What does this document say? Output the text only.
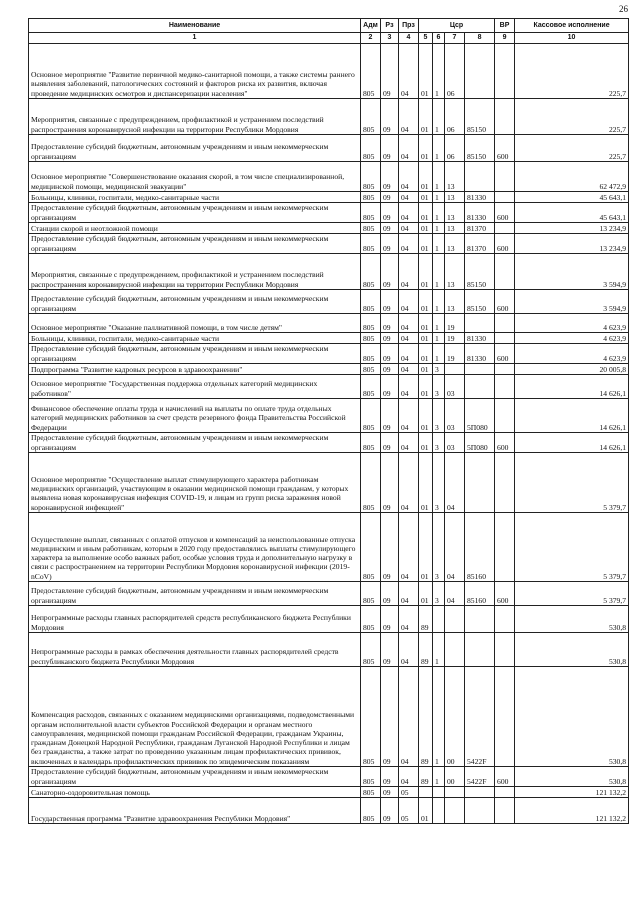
26
Наименование	Адм	Рз	Прз	Цср				ВР	Кассовое исполнение
1	2	3	4	5	6	7	8	9	10
Основное мероприятие "Развитие первичной медико-санитарной помощи, а также системы раннего выявления заболеваний, патологических состояний и факторов риска их развития, включая проведение медицинских осмотров и диспансеризации населения"	805	09	04	01	1	06			225,7
Мероприятия, связанные с предупреждением, профилактикой и устранением последствий распространения коронавирусной инфекции на территории Республики Мордовия	805	09	04	01	1	06	85150		225,7
Предоставление субсидий бюджетным, автономным учреждениям и иным некоммерческим организациям	805	09	04	01	1	06	85150	600	225,7
Основное мероприятие "Совершенствование оказания скорой, в том числе специализированной, медицинской помощи, медицинской эвакуации"	805	09	04	01	1	13			62 472,9
Больницы, клиники, госпитали, медико-санитарные части	805	09	04	01	1	13	81330		45 643,1
Предоставление субсидий бюджетным, автономным учреждениям и иным некоммерческим организациям	805	09	04	01	1	13	81330	600	45 643,1
Станции скорой и неотложной помощи	805	09	04	01	1	13	81370		13 234,9
Предоставление субсидий бюджетным, автономным учреждениям и иным некоммерческим организациям	805	09	04	01	1	13	81370	600	13 234,9
Мероприятия, связанные с предупреждением, профилактикой и устранением последствий распространения коронавирусной инфекции на территории Республики Мордовия	805	09	04	01	1	13	85150		3 594,9
Предоставление субсидий бюджетным, автономным учреждениям и иным некоммерческим организациям	805	09	04	01	1	13	85150	600	3 594,9
Основное мероприятие "Оказание паллиативной помощи, в том числе детям"	805	09	04	01	1	19			4 623,9
Больницы, клиники, госпитали, медико-санитарные части	805	09	04	01	1	19	81330		4 623,9
Предоставление субсидий бюджетным, автономным учреждениям и иным некоммерческим организациям	805	09	04	01	1	19	81330	600	4 623,9
Подпрограмма "Развитие кадровых ресурсов в здравоохранении"	805	09	04	01	3				20 005,8
Основное мероприятие "Государственная поддержка отдельных категорий медицинских работников"	805	09	04	01	3	03			14 626,1
Финансовое обеспечение оплаты труда и начислений на выплаты по оплате труда отдельных категорий медицинских работников за счет средств резервного фонда Правительства Российской Федерации	805	09	04	01	3	03	5П080		14 626,1
Предоставление субсидий бюджетным, автономным учреждениям и иным некоммерческим организациям	805	09	04	01	3	03	5П080	600	14 626,1
Основное мероприятие "Осуществление выплат стимулирующего характера работникам медицинских организаций, участвующим в оказании медицинской помощи гражданам, у которых выявлена новая коронавирусная инфекция COVID-19, и лицам из групп риска заражения новой коронавирусной инфекцией"	805	09	04	01	3	04			5 379,7
Осуществление выплат, связанных с оплатой отпусков и компенсаций за неиспользованные отпуска медицинским и иным работникам, которым в 2020 году предоставлялись выплаты стимулирующего характера за выполнение особо важных работ, особые условия труда и дополнительную нагрузку в связи с распространением на территории Республики Мордовия коронавирусной инфекции (2019-nCoV)	805	09	04	01	3	04	85160		5 379,7
Предоставление субсидий бюджетным, автономным учреждениям и иным некоммерческим организациям	805	09	04	01	3	04	85160	600	5 379,7
Непрограммные расходы главных распорядителей средств республиканского бюджета Республики Мордовия	805	09	04	89					530,8
Непрограммные расходы в рамках обеспечения деятельности главных распорядителей средств республиканского бюджета Республики Мордовия	805	09	04	89	1				530,8
Компенсация расходов, связанных с оказанием медицинскими организациями, подведомственными органам исполнительной власти субъектов Российской Федерации и органам местного самоуправления, медицинской помощи гражданам Российской Федерации, гражданам Украины, гражданам Донецкой Народной Республики, гражданам Луганской Народной Республики и лицам без гражданства, а также затрат по проведению указанным лицам профилактических прививок, включенных в календарь профилактических прививок по эпидемическим показаниям	805	09	04	89	1	00	5422F		530,8
Предоставление субсидий бюджетным, автономным учреждениям и иным некоммерческим организациям	805	09	04	89	1	00	5422F	600	530,8
Санаторно-оздоровительная помощь	805	09	05						121 132,2
Государственная программа "Развитие здравоохранения Республики Мордовия"	805	09	05	01					121 132,2
